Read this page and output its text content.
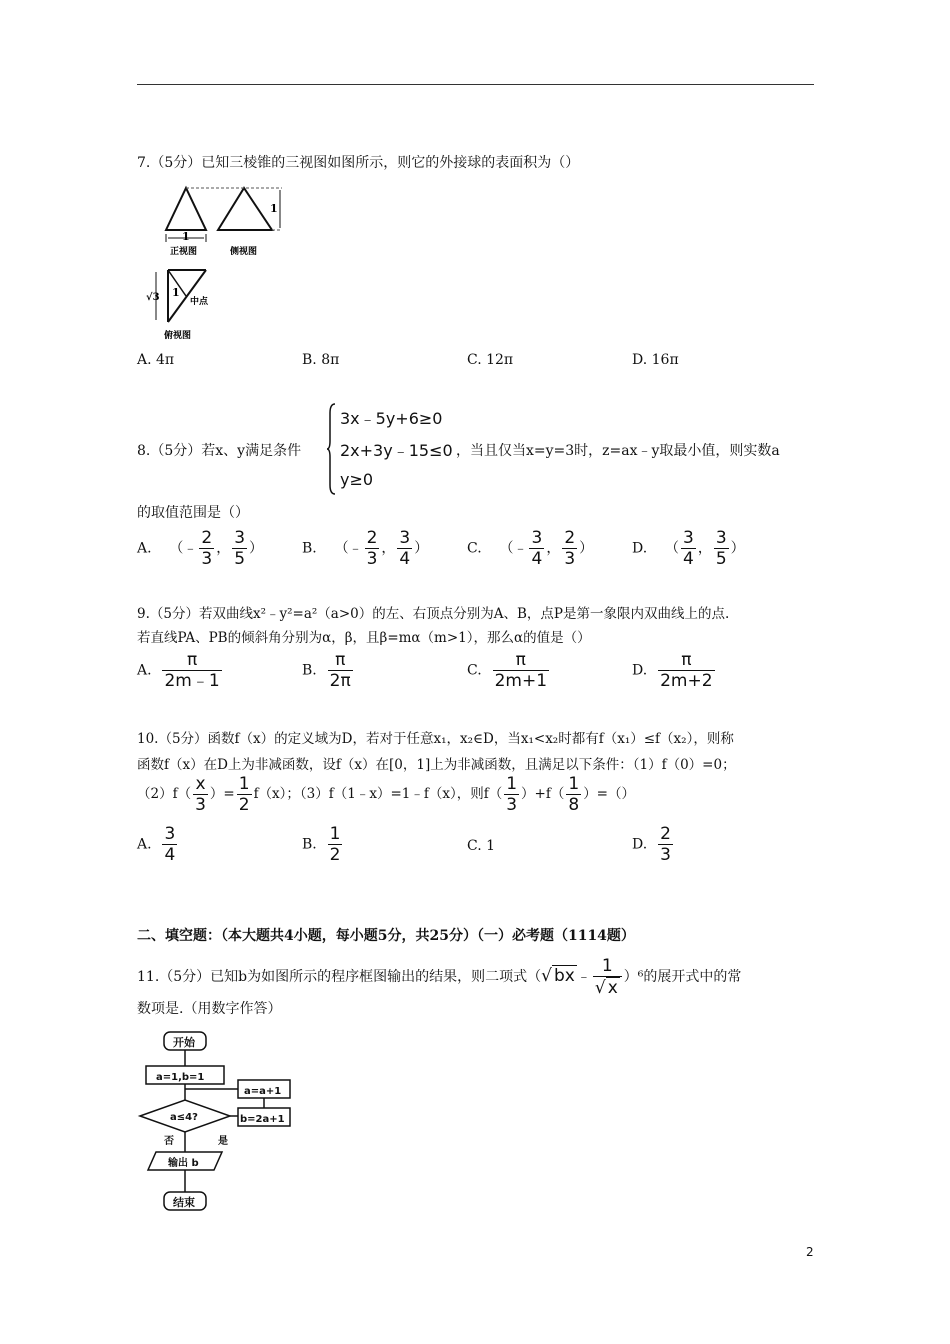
7.（5分）已知三棱锥的三视图如图所示，则它的外接球的表面积为（）
1
1
正视图	侧视图
√3 1
中点
俯视图
A. 4π	B. 8π	C. 12π	D. 16π
8.（5分）若x、y满足条件
3x﹣5y+6≥0
2x+3y﹣15≤0
y≥0
，当且仅当x=y=3时，z=ax﹣y取最小值，则实数a
的取值范围是（）
A. （﹣ $\frac{2}{3}$ ， $\frac{3}{5}$ ）	B. （﹣ $\frac{2}{3}$ ， $\frac{3}{4}$ ）	C. （﹣ $\frac{3}{4}$ ， $\frac{2}{3}$ ）	D. （ $\frac{3}{4}$ ， $\frac{3}{5}$ ）
9.（5分）若双曲线x²﹣y²=a²（a>0）的左、右顶点分别为A、B，点P是第一象限内双曲线上的点.
若直线PA、PB的倾斜角分别为α，β，且β=mα（m>1），那么α的值是（）
A. $\frac{\pi}{2m﹣1}$	B. $\frac{\pi}{2\pi}$	C. $\frac{\pi}{2m+1}$	D. $\frac{\pi}{2m+2}$
10.（5分）函数f（x）的定义域为D，若对于任意x₁，x₂∈D，当x₁<x₂时都有f（x₁）≤f（x₂），则称
函数f（x）在D上为非减函数，设f（x）在[0，1]上为非减函数，且满足以下条件：（1）f（0）=0；
$(2)f( \frac{x}{3}$ ）= $\frac{1}{2} f(x)$；（3）f（1﹣x）=1﹣f（x），则$f( \frac{1}{3} )+f( \frac{1}{8}$ ）=（）
A. $\frac{3}{4}$	B. $\frac{1}{2}$	C. 1	D. $\frac{2}{3}$
二、填空题：（本大题共4小题，每小题5分，共25分）（一）必考题（1114题）
11.（5分）已知b为如图所示的程序框图输出的结果，则二项式（√ bx ﹣ $\frac{1}{√ x} )^6$的展开式中的常
数项是.（用数字作答）
开始
a=1,b=1
a≤4?	b=2a+1
a=a+1
是
否
输出 b
结束
2
